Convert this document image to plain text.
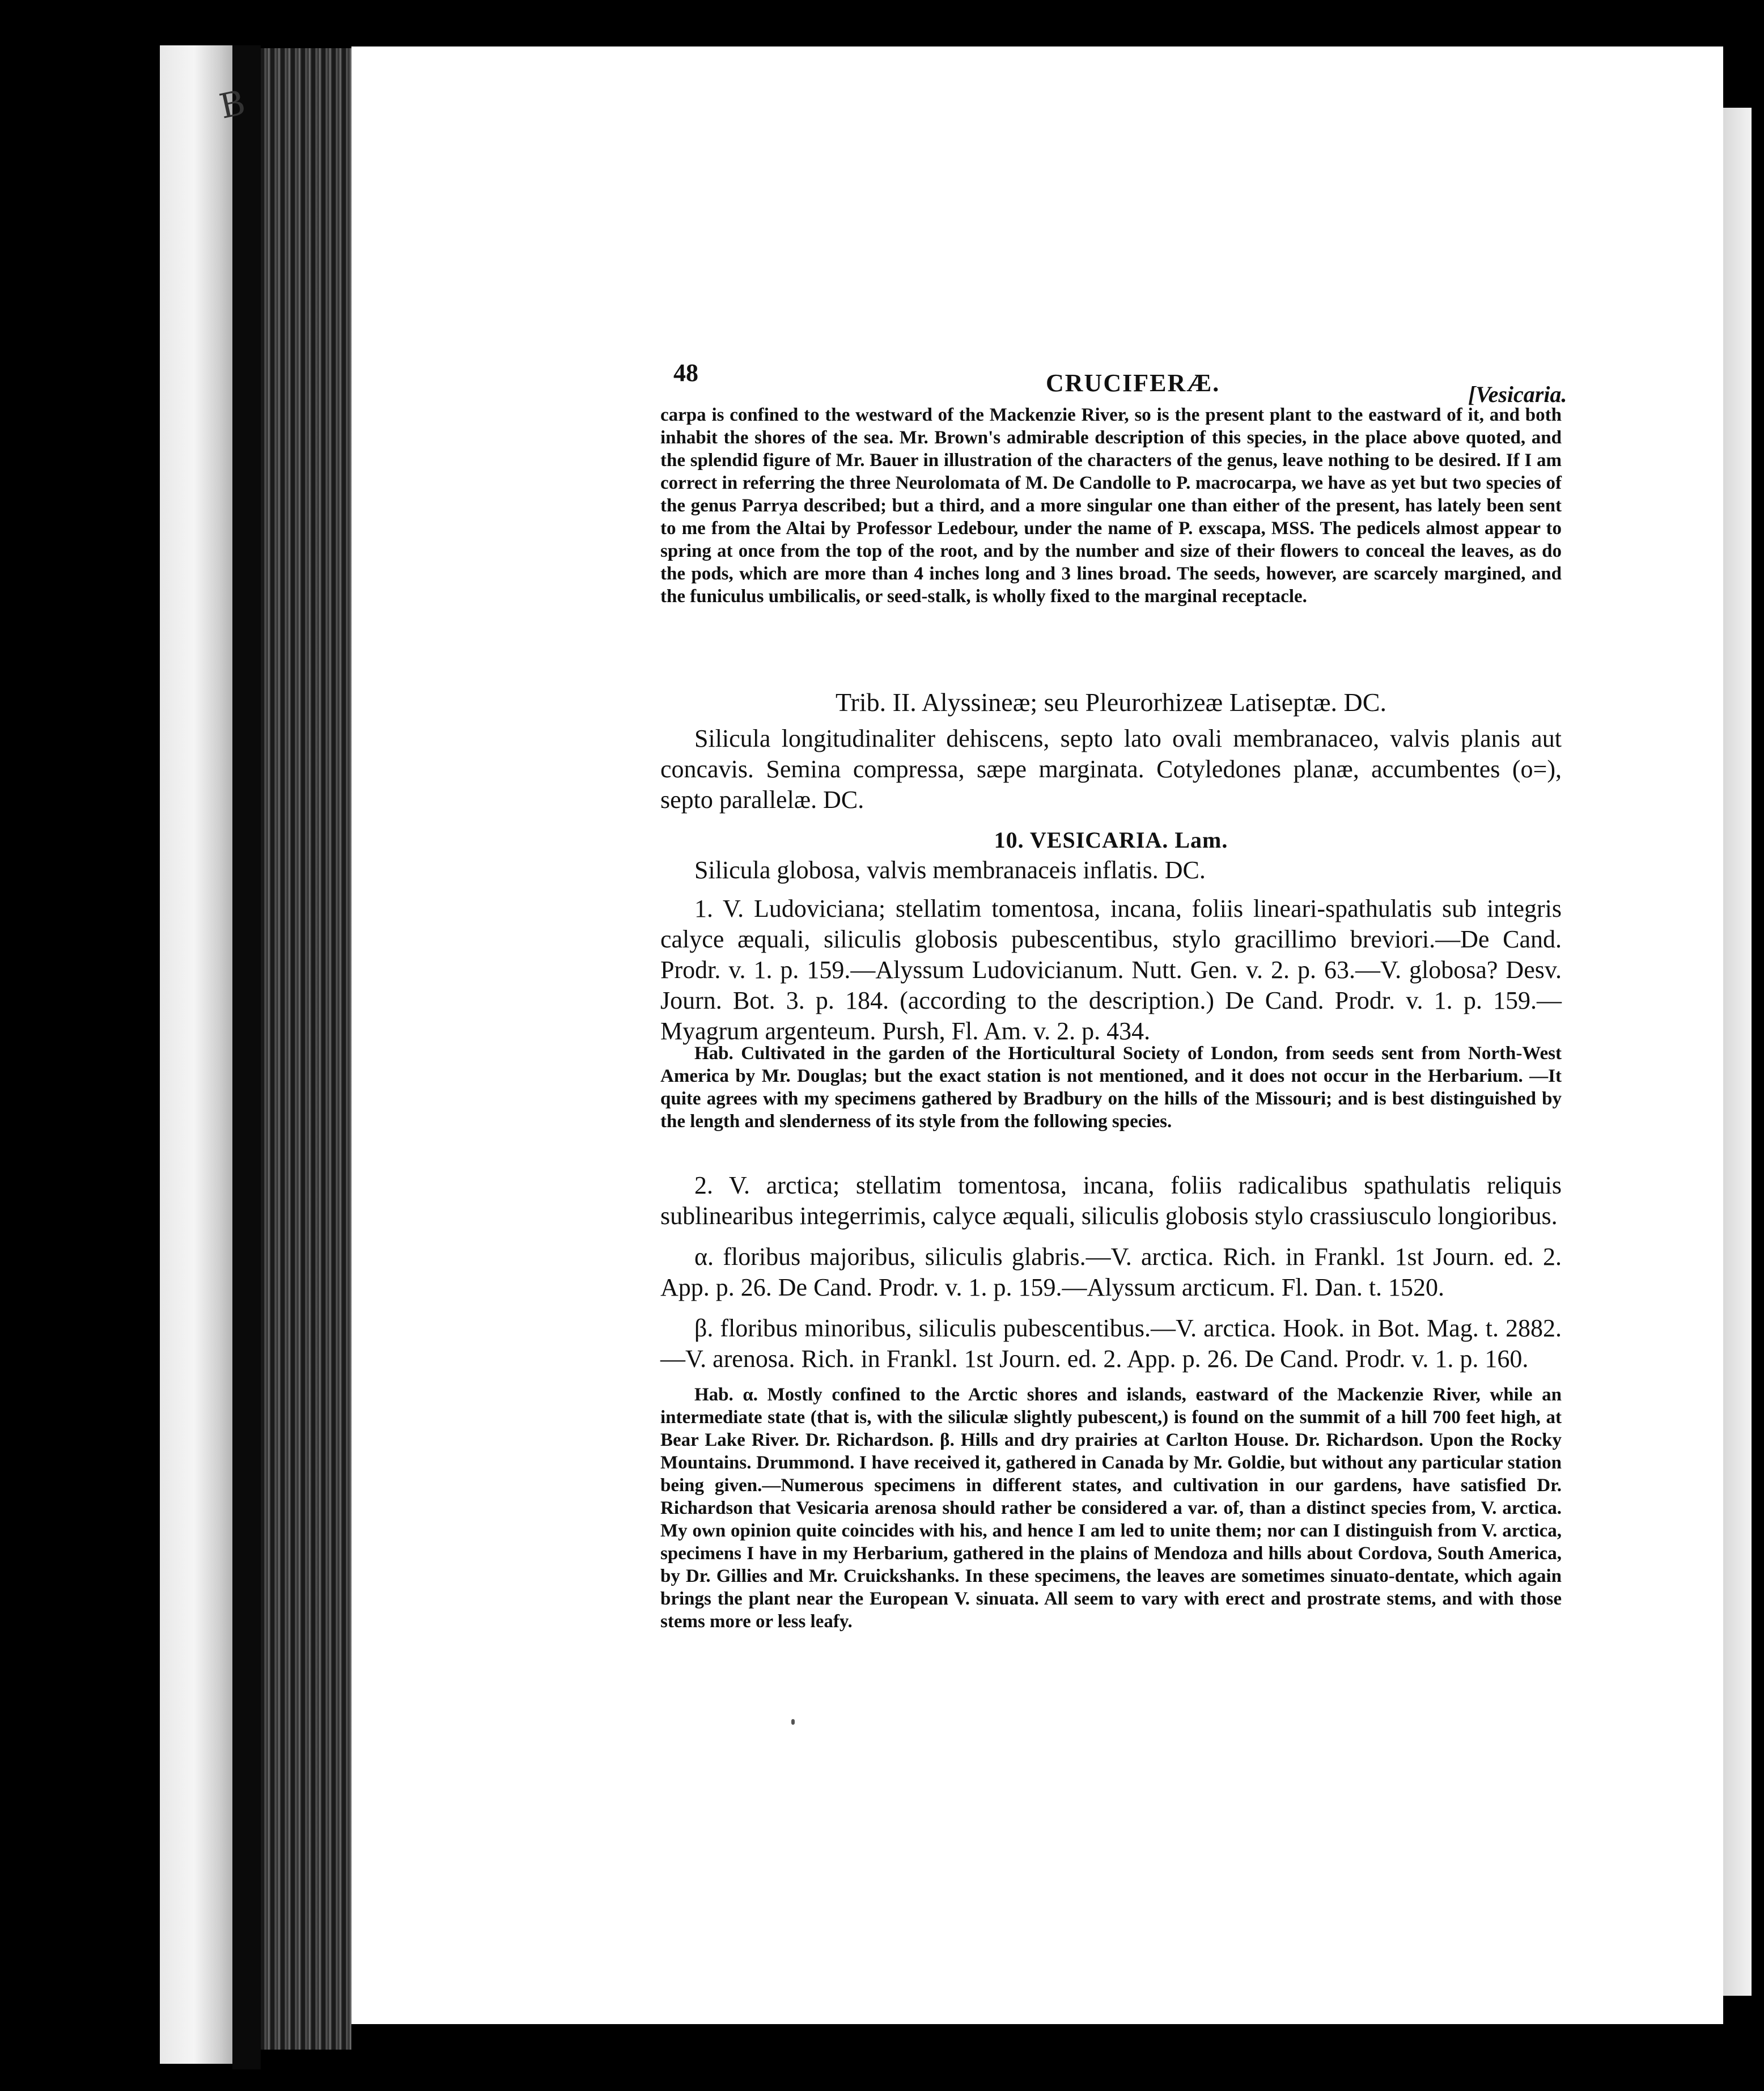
B
48	CRUCIFERÆ.	[Vesicaria.
carpa is confined to the westward of the Mackenzie River, so is the present plant to the eastward of it, and both inhabit the shores of the sea. Mr. Brown's admirable description of this species, in the place above quoted, and the splendid figure of Mr. Bauer in illustration of the characters of the genus, leave nothing to be desired. If I am correct in referring the three Neurolomata of M. De Candolle to P. macrocarpa, we have as yet but two species of the genus Parrya described; but a third, and a more singular one than either of the present, has lately been sent to me from the Altai by Professor Ledebour, under the name of P. exscapa, MSS. The pedicels almost appear to spring at once from the top of the root, and by the number and size of their flowers to conceal the leaves, as do the pods, which are more than 4 inches long and 3 lines broad. The seeds, however, are scarcely margined, and the funiculus umbilicalis, or seed-stalk, is wholly fixed to the marginal receptacle.
Trib. II. Alyssineæ; seu Pleurorhizeæ Latiseptæ. DC.
Silicula longitudinaliter dehiscens, septo lato ovali membranaceo, valvis planis aut concavis. Semina compressa, sæpe marginata. Cotyledones planæ, accumbentes (o=), septo parallelæ. DC.
10. VESICARIA. Lam.
Silicula globosa, valvis membranaceis inflatis. DC.
1. V. Ludoviciana; stellatim tomentosa, incana, foliis lineari-spathulatis sub integris calyce æquali, siliculis globosis pubescentibus, stylo gracillimo breviori.—De Cand. Prodr. v. 1. p. 159.—Alyssum Ludovicianum. Nutt. Gen. v. 2. p. 63.—V. globosa? Desv. Journ. Bot. 3. p. 184. (according to the description.) De Cand. Prodr. v. 1. p. 159.—Myagrum argenteum. Pursh, Fl. Am. v. 2. p. 434.
Hab. Cultivated in the garden of the Horticultural Society of London, from seeds sent from North-West America by Mr. Douglas; but the exact station is not mentioned, and it does not occur in the Herbarium. —It quite agrees with my specimens gathered by Bradbury on the hills of the Missouri; and is best distinguished by the length and slenderness of its style from the following species.
2. V. arctica; stellatim tomentosa, incana, foliis radicalibus spathulatis reliquis sublinearibus integerrimis, calyce æquali, siliculis globosis stylo crassiusculo longioribus.
α. floribus majoribus, siliculis glabris.—V. arctica. Rich. in Frankl. 1st Journ. ed. 2. App. p. 26. De Cand. Prodr. v. 1. p. 159.—Alyssum arcticum. Fl. Dan. t. 1520.
β. floribus minoribus, siliculis pubescentibus.—V. arctica. Hook. in Bot. Mag. t. 2882.—V. arenosa. Rich. in Frankl. 1st Journ. ed. 2. App. p. 26. De Cand. Prodr. v. 1. p. 160.
Hab. α. Mostly confined to the Arctic shores and islands, eastward of the Mackenzie River, while an intermediate state (that is, with the siliculæ slightly pubescent,) is found on the summit of a hill 700 feet high, at Bear Lake River. Dr. Richardson. β. Hills and dry prairies at Carlton House. Dr. Richardson. Upon the Rocky Mountains. Drummond. I have received it, gathered in Canada by Mr. Goldie, but without any particular station being given.—Numerous specimens in different states, and cultivation in our gardens, have satisfied Dr. Richardson that Vesicaria arenosa should rather be considered a var. of, than a distinct species from, V. arctica. My own opinion quite coincides with his, and hence I am led to unite them; nor can I distinguish from V. arctica, specimens I have in my Herbarium, gathered in the plains of Mendoza and hills about Cordova, South America, by Dr. Gillies and Mr. Cruickshanks. In these specimens, the leaves are sometimes sinuato-dentate, which again brings the plant near the European V. sinuata. All seem to vary with erect and prostrate stems, and with those stems more or less leafy.
